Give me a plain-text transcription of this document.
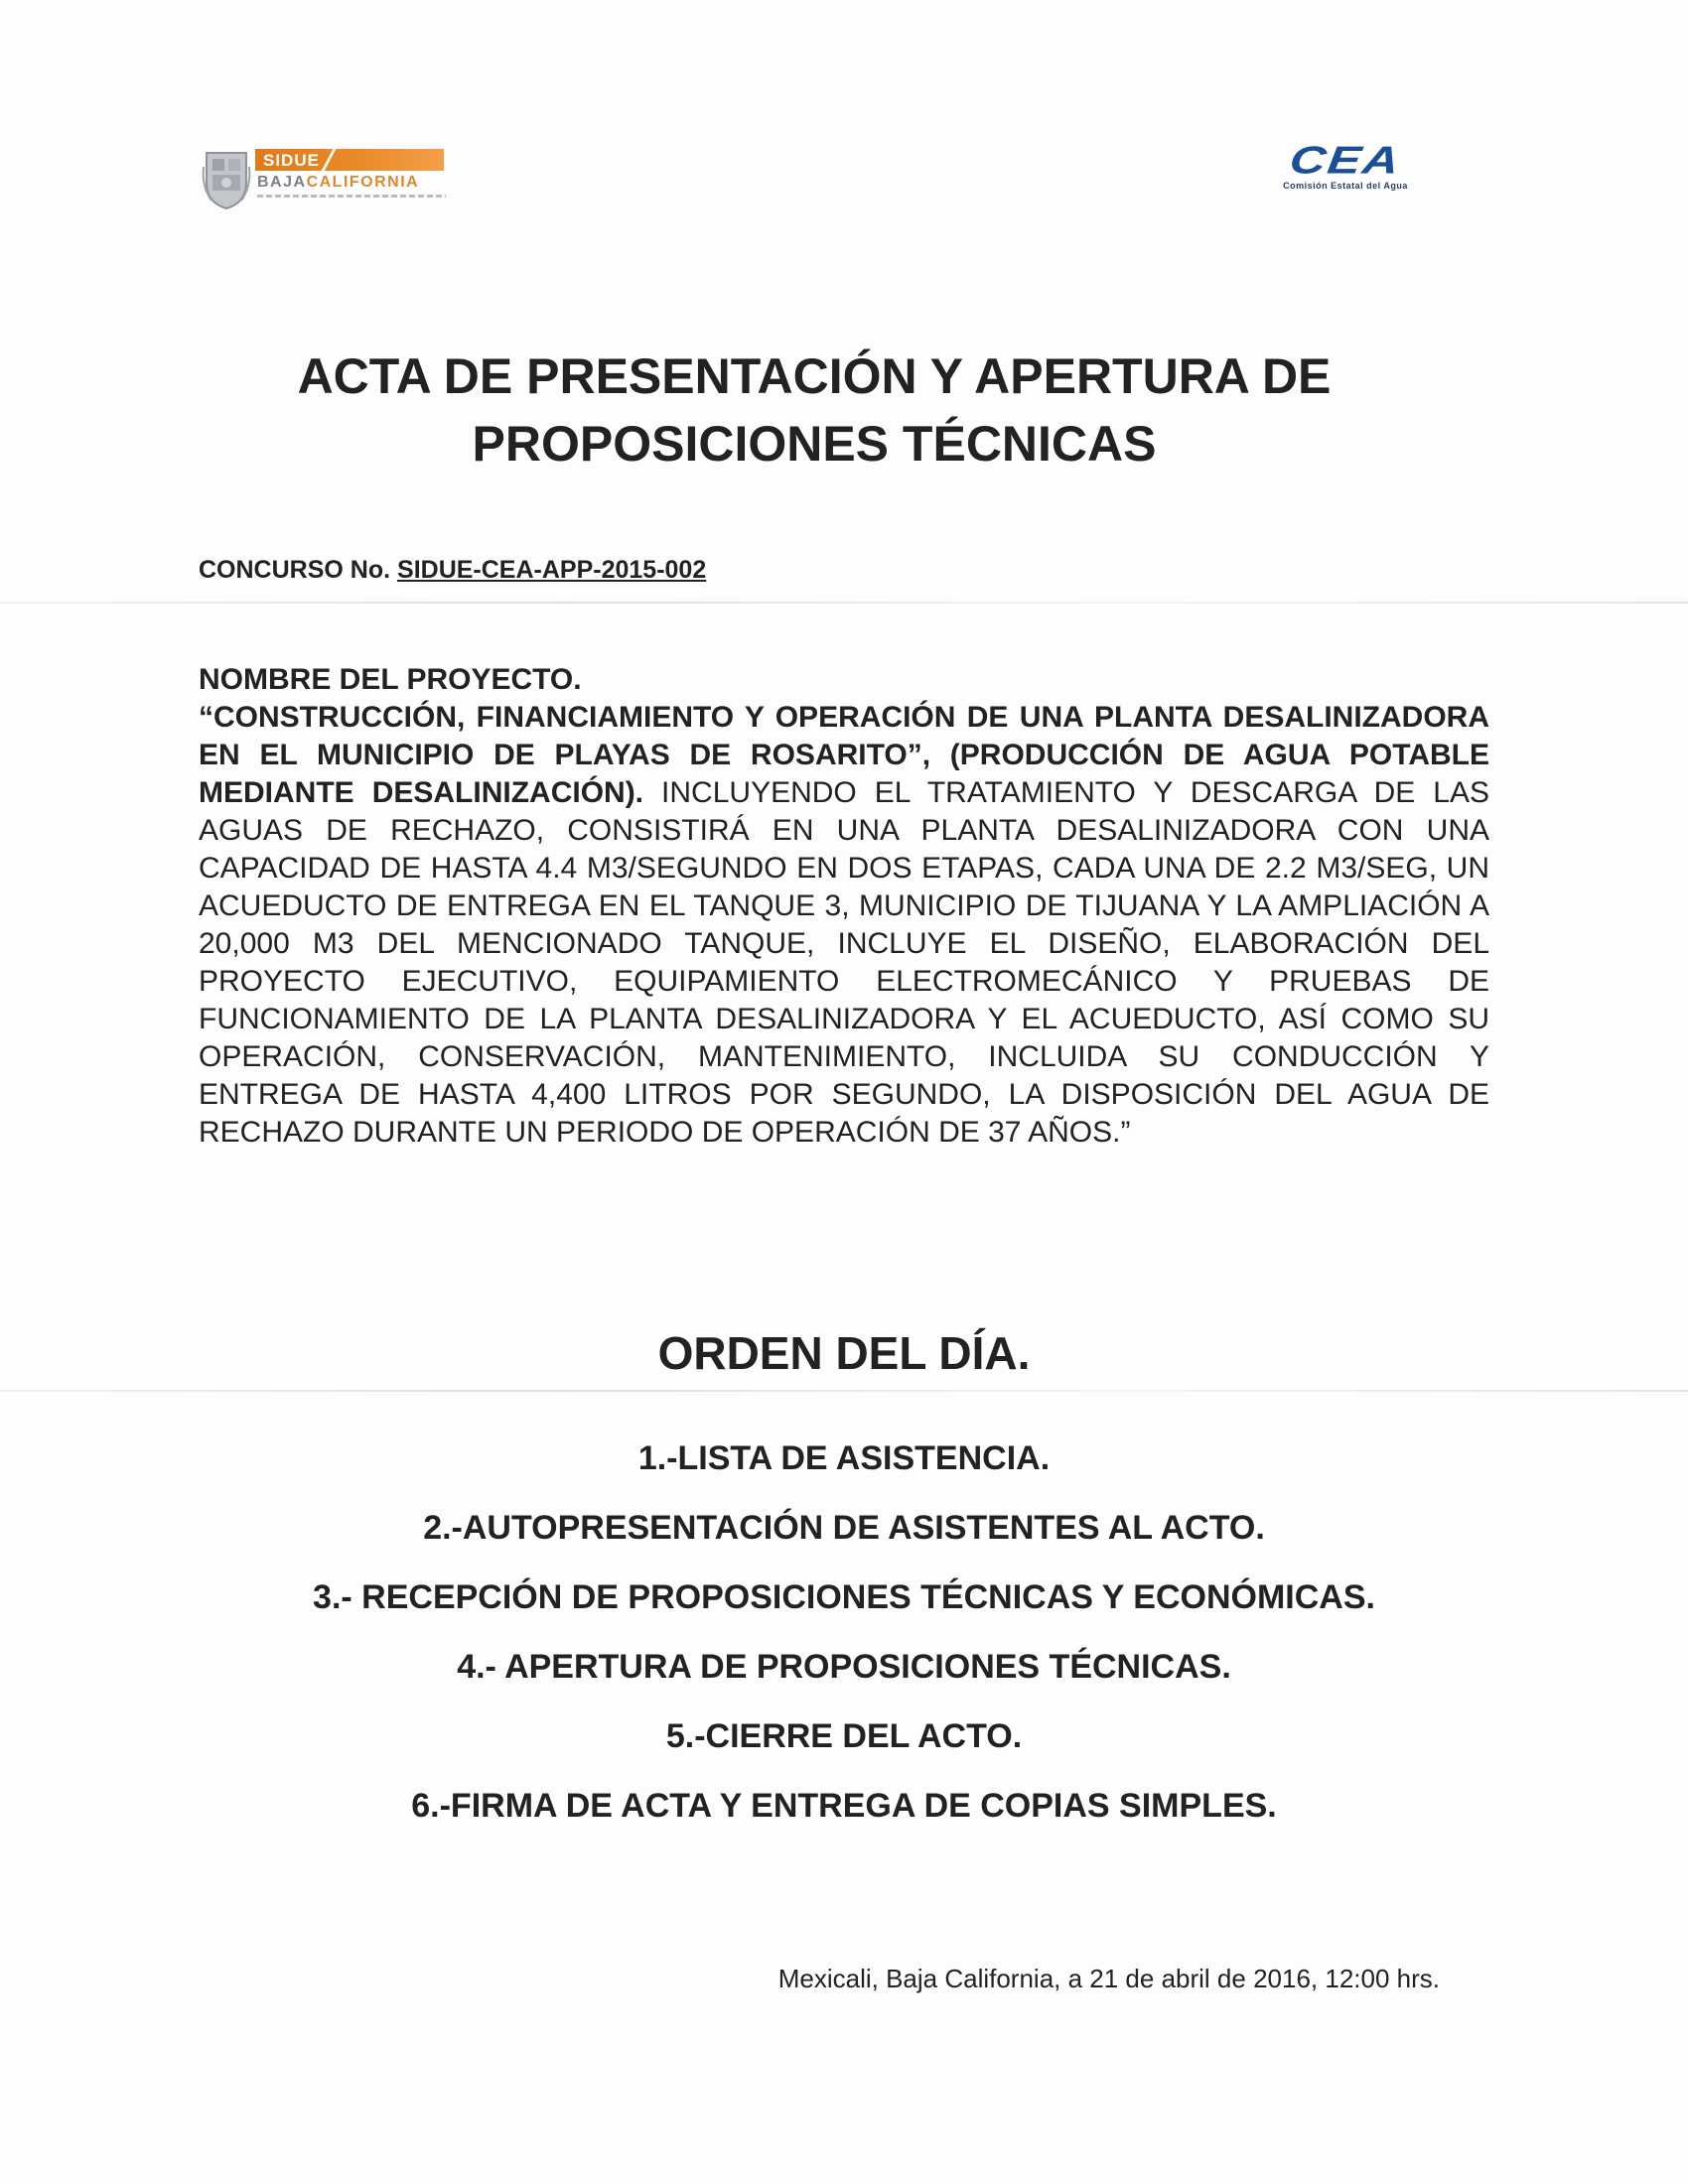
SIDUE
BAJACALIFORNIA
CEA
Comisión Estatal del Agua
ACTA DE PRESENTACIÓN Y APERTURA DE
PROPOSICIONES TÉCNICAS
CONCURSO No. SIDUE-CEA-APP-2015-002
NOMBRE DEL PROYECTO.
“CONSTRUCCIÓN, FINANCIAMIENTO Y OPERACIÓN DE UNA PLANTA DESALINIZADORA EN EL MUNICIPIO DE PLAYAS DE ROSARITO”, (PRODUCCIÓN DE AGUA POTABLE MEDIANTE DESALINIZACIÓN). INCLUYENDO EL TRATAMIENTO Y DESCARGA DE LAS AGUAS DE RECHAZO, CONSISTIRÁ EN UNA PLANTA DESALINIZADORA CON UNA CAPACIDAD DE HASTA 4.4 M3/SEGUNDO EN DOS ETAPAS, CADA UNA DE 2.2 M3/SEG, UN ACUEDUCTO DE ENTREGA EN EL TANQUE 3, MUNICIPIO DE TIJUANA Y LA AMPLIACIÓN A 20,000 M3 DEL MENCIONADO TANQUE, INCLUYE EL DISEÑO, ELABORACIÓN DEL PROYECTO EJECUTIVO, EQUIPAMIENTO ELECTROMECÁNICO Y PRUEBAS DE FUNCIONAMIENTO DE LA PLANTA DESALINIZADORA Y EL ACUEDUCTO, ASÍ COMO SU OPERACIÓN, CONSERVACIÓN, MANTENIMIENTO, INCLUIDA SU CONDUCCIÓN Y ENTREGA DE HASTA 4,400 LITROS POR SEGUNDO, LA DISPOSICIÓN DEL AGUA DE RECHAZO DURANTE UN PERIODO DE OPERACIÓN DE 37 AÑOS.”
ORDEN DEL DÍA.
1.-LISTA DE ASISTENCIA.
2.-AUTOPRESENTACIÓN DE ASISTENTES AL ACTO.
3.- RECEPCIÓN DE PROPOSICIONES TÉCNICAS Y ECONÓMICAS.
4.- APERTURA DE PROPOSICIONES TÉCNICAS.
5.-CIERRE DEL ACTO.
6.-FIRMA DE ACTA Y ENTREGA DE COPIAS SIMPLES.
Mexicali, Baja California, a 21 de abril de 2016, 12:00 hrs.
